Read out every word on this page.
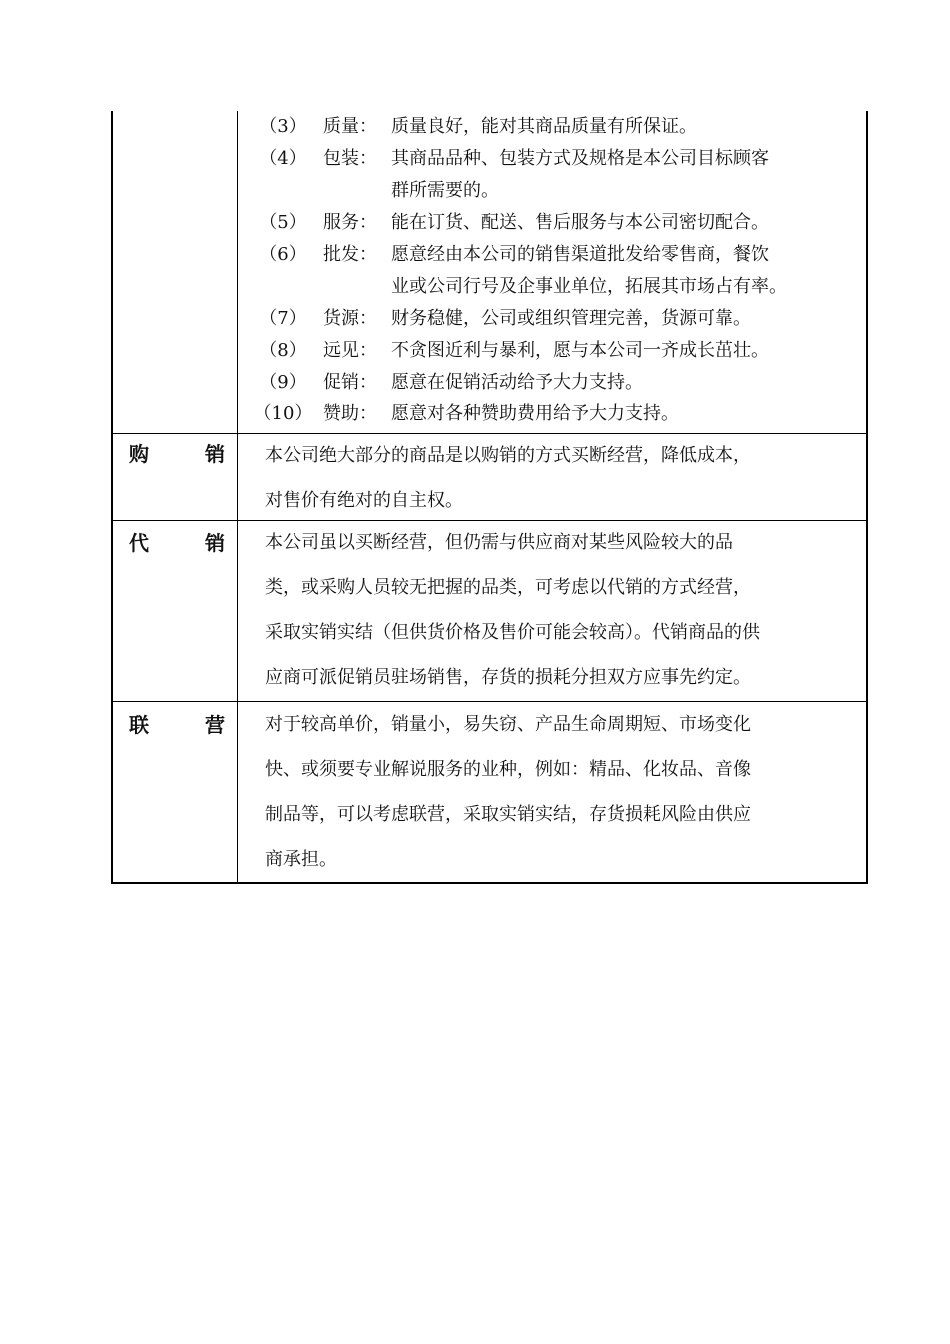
（3） 质量： 质量良好，能对其商品质量有所保证。
（4） 包装： 其商品品种、包装方式及规格是本公司目标顾客
群所需要的。
（5） 服务： 能在订货、配送、售后服务与本公司密切配合。
（6） 批发： 愿意经由本公司的销售渠道批发给零售商，餐饮
业或公司行号及企事业单位，拓展其市场占有率。
（7） 货源： 财务稳健，公司或组织管理完善，货源可靠。
（8） 远见： 不贪图近利与暴利，愿与本公司一齐成长茁壮。
（9） 促销： 愿意在促销活动给予大力支持。
（10） 赞助： 愿意对各种赞助费用给予大力支持。
购	销 本公司绝大部分的商品是以购销的方式买断经营，降低成本，
对售价有绝对的自主权。
代	销 本公司虽以买断经营，但仍需与供应商对某些风险较大的品
类，或采购人员较无把握的品类，可考虑以代销的方式经营，
采取实销实结（但供货价格及售价可能会较高）。代销商品的供
应商可派促销员驻场销售，存货的损耗分担双方应事先约定。
联	营 对于较高单价，销量小，易失窃、产品生命周期短、市场变化
快、或须要专业解说服务的业种，例如：精品、化妆品、音像
制品等，可以考虑联营，采取实销实结，存货损耗风险由供应
商承担。
